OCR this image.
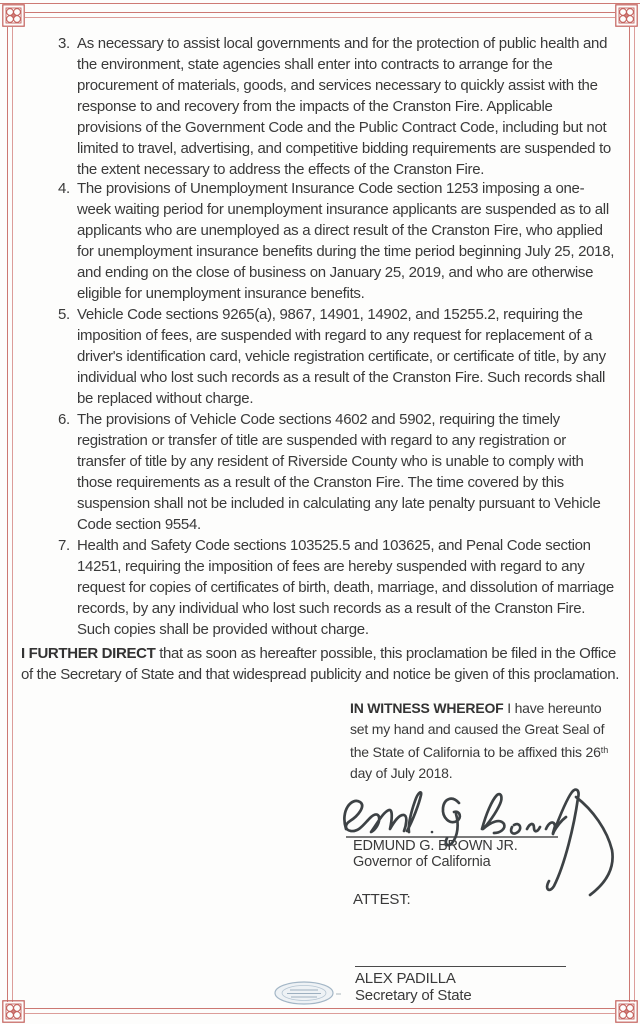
3. As necessary to assist local governments and for the protection of public health and the environment, state agencies shall enter into contracts to arrange for the procurement of materials, goods, and services necessary to quickly assist with the response to and recovery from the impacts of the Cranston Fire. Applicable provisions of the Government Code and the Public Contract Code, including but not limited to travel, advertising, and competitive bidding requirements are suspended to the extent necessary to address the effects of the Cranston Fire.
4. The provisions of Unemployment Insurance Code section 1253 imposing a one-week waiting period for unemployment insurance applicants are suspended as to all applicants who are unemployed as a direct result of the Cranston Fire, who applied for unemployment insurance benefits during the time period beginning July 25, 2018, and ending on the close of business on January 25, 2019, and who are otherwise eligible for unemployment insurance benefits.
5. Vehicle Code sections 9265(a), 9867, 14901, 14902, and 15255.2, requiring the imposition of fees, are suspended with regard to any request for replacement of a driver's identification card, vehicle registration certificate, or certificate of title, by any individual who lost such records as a result of the Cranston Fire. Such records shall be replaced without charge.
6. The provisions of Vehicle Code sections 4602 and 5902, requiring the timely registration or transfer of title are suspended with regard to any registration or transfer of title by any resident of Riverside County who is unable to comply with those requirements as a result of the Cranston Fire. The time covered by this suspension shall not be included in calculating any late penalty pursuant to Vehicle Code section 9554.
7. Health and Safety Code sections 103525.5 and 103625, and Penal Code section 14251, requiring the imposition of fees are hereby suspended with regard to any request for copies of certificates of birth, death, marriage, and dissolution of marriage records, by any individual who lost such records as a result of the Cranston Fire. Such copies shall be provided without charge.
I FURTHER DIRECT that as soon as hereafter possible, this proclamation be filed in the Office of the Secretary of State and that widespread publicity and notice be given of this proclamation.
IN WITNESS WHEREOF I have hereunto set my hand and caused the Great Seal of the State of California to be affixed this 26th day of July 2018.
EDMUND G. BROWN JR.
Governor of California
ATTEST:
ALEX PADILLA
Secretary of State
